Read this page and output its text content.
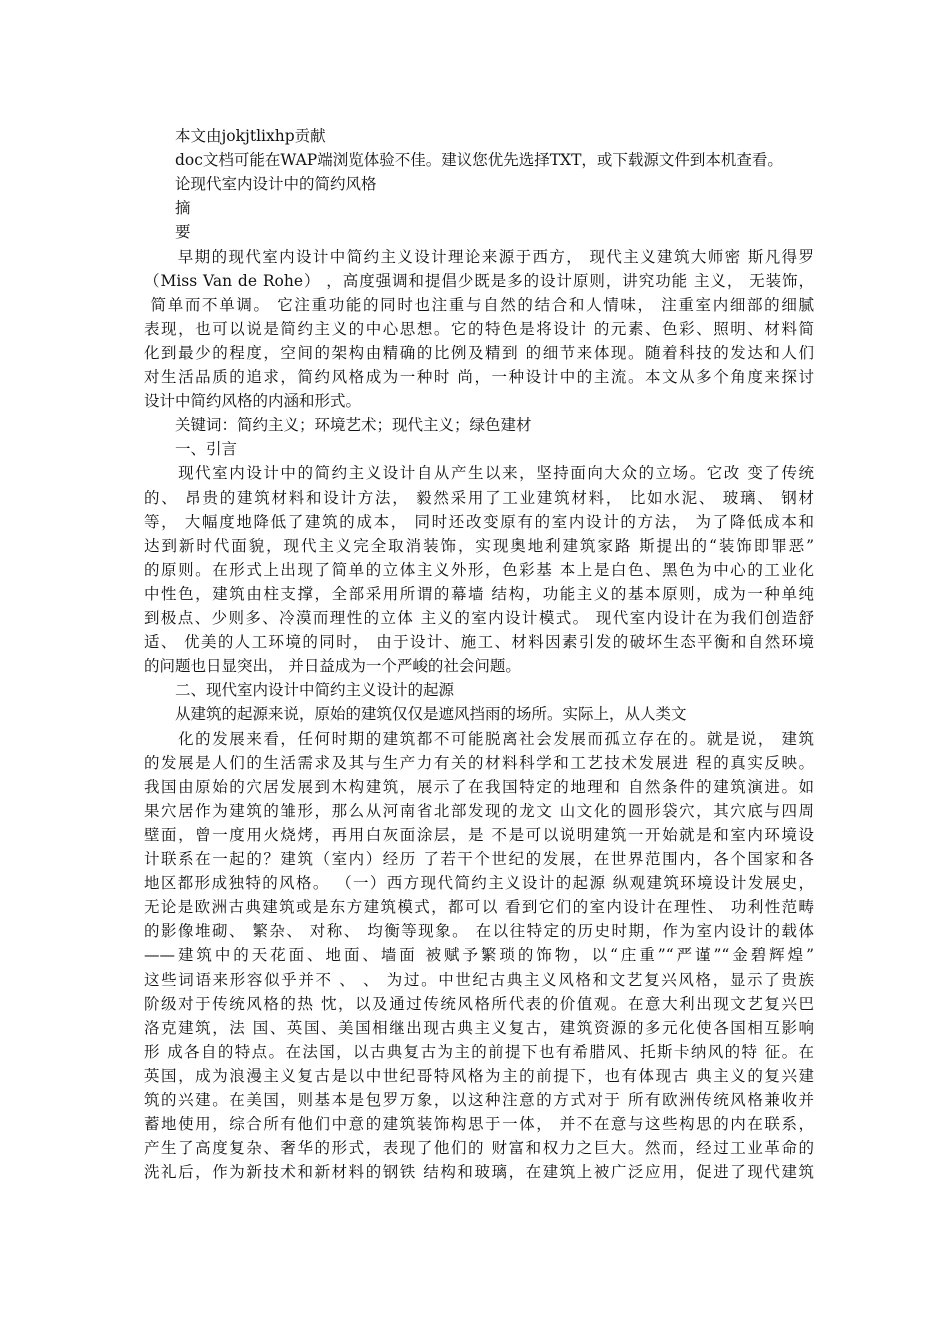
　　本文由jokjtlixhp贡献
　　doc文档可能在WAP端浏览体验不佳。建议您优先选择TXT，或下载源文件到本机查看。
　　论现代室内设计中的简约风格
　　摘
　　要
　　早期的现代室内设计中简约主义设计理论来源于西方， 现代主义建筑大师密 斯凡得罗
（Miss Van de Rohe） ，高度强调和提倡少既是多的设计原则，讲究功能 主义， 无装饰，
简单而不单调。 它注重功能的同时也注重与自然的结合和人情味， 注重室内细部的细腻
表现，也可以说是简约主义的中心思想。它的特色是将设计 的元素、色彩、照明、材料简
化到最少的程度，空间的架构由精确的比例及精到 的细节来体现。随着科技的发达和人们
对生活品质的追求，简约风格成为一种时 尚，一种设计中的主流。本文从多个角度来探讨
设计中简约风格的内涵和形式。
　　关键词：简约主义；环境艺术；现代主义；绿色建材
　　一、引言
　　现代室内设计中的简约主义设计自从产生以来，坚持面向大众的立场。它改 变了传统
的、 昂贵的建筑材料和设计方法， 毅然采用了工业建筑材料， 比如水泥、 玻璃、 钢材
等， 大幅度地降低了建筑的成本， 同时还改变原有的室内设计的方法， 为了降低成本和
达到新时代面貌，现代主义完全取消装饰，实现奥地利建筑家路 斯提出的“装饰即罪恶”
的原则。在形式上出现了简单的立体主义外形，色彩基 本上是白色、黑色为中心的工业化
中性色，建筑由柱支撑，全部采用所谓的幕墙 结构，功能主义的基本原则，成为一种单纯
到极点、少则多、冷漠而理性的立体 主义的室内设计模式。 现代室内设计在为我们创造舒
适、 优美的人工环境的同时， 由于设计、施工、材料因素引发的破坏生态平衡和自然环境
的问题也日显突出， 并日益成为一个严峻的社会问题。
　　二、现代室内设计中简约主义设计的起源
　　从建筑的起源来说，原始的建筑仅仅是遮风挡雨的场所。实际上，从人类文
　　化的发展来看，任何时期的建筑都不可能脱离社会发展而孤立存在的。就是说， 建筑
的发展是人们的生活需求及其与生产力有关的材料科学和工艺技术发展进 程的真实反映。
我国由原始的穴居发展到木构建筑，展示了在我国特定的地理和 自然条件的建筑演进。如
果穴居作为建筑的雏形，那么从河南省北部发现的龙文 山文化的圆形袋穴，其穴底与四周
壁面，曾一度用火烧烤，再用白灰面涂层，是 不是可以说明建筑一开始就是和室内环境设
计联系在一起的？建筑（室内）经历 了若干个世纪的发展，在世界范围内，各个国家和各
地区都形成独特的风格。 （一）西方现代简约主义设计的起源 纵观建筑环境设计发展史，
无论是欧洲古典建筑或是东方建筑模式，都可以 看到它们的室内设计在理性、 功利性范畴
的影像堆砌、 繁杂、 对称、 均衡等现象。 在以往特定的历史时期，作为室内设计的载体
——建筑中的天花面、地面、墙面 被赋予繁琐的饰物，以“庄重”“严谨”“金碧辉煌”
这些词语来形容似乎并不 、 、 为过。中世纪古典主义风格和文艺复兴风格，显示了贵族
阶级对于传统风格的热 忱，以及通过传统风格所代表的价值观。在意大利出现文艺复兴巴
洛克建筑，法 国、英国、美国相继出现古典主义复古，建筑资源的多元化使各国相互影响
形 成各自的特点。在法国，以古典复古为主的前提下也有希腊风、托斯卡纳风的特 征。在
英国，成为浪漫主义复古是以中世纪哥特风格为主的前提下，也有体现古 典主义的复兴建
筑的兴建。在美国，则基本是包罗万象，以这种注意的方式对于 所有欧洲传统风格兼收并
蓄地使用，综合所有他们中意的建筑装饰构思于一体， 并不在意与这些构思的内在联系，
产生了高度复杂、奢华的形式，表现了他们的 财富和权力之巨大。然而，经过工业革命的
洗礼后，作为新技术和新材料的钢铁 结构和玻璃，在建筑上被广泛应用，促进了现代建筑
